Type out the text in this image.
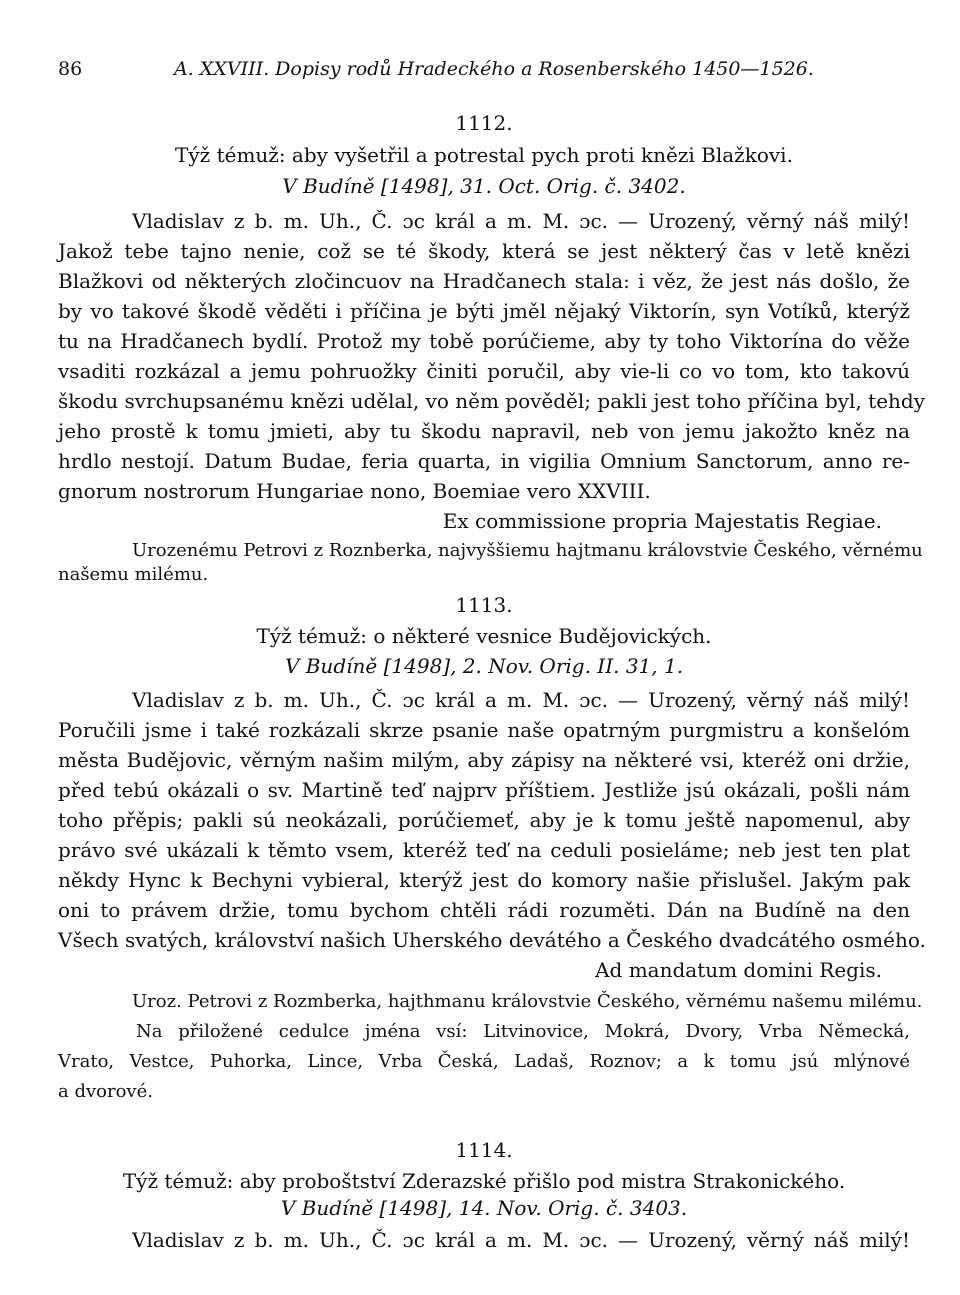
86	A. XXVIII. Dopisy rodů Hradeckého a Rosenberského 1450—1526.
1112.
Týž témuž: aby vyšetřil a potrestal pych proti knězi Blažkovi.
V Budíně [1498], 31. Oct. Orig. č. 3402.
Vladislav z b. m. Uh., Č. ɔc král a m. M. ɔc. — Urozený, věrný náš milý!
Jakož tebe tajno nenie, což se té škody, která se jest některý čas v letě knězi
Blažkovi od některých zločincuov na Hradčanech stala: i věz, že jest nás došlo, že
by vo takové škodě věděti i příčina je býti jměl nějaký Viktorín, syn Votíků, kterýž
tu na Hradčanech bydlí. Protož my tobě porúčieme, aby ty toho Viktorína do věže
vsaditi rozkázal a jemu pohruožky činiti poručil, aby vie-li co vo tom, kto takovú
škodu svrchupsanému knězi udělal, vo něm pověděl; pakli jest toho příčina byl, tehdy
jeho prostě k tomu jmieti, aby tu škodu napravil, neb von jemu jakožto kněz na
hrdlo nestojí. Datum Budae, feria quarta, in vigilia Omnium Sanctorum, anno re-
gnorum nostrorum Hungariae nono, Boemiae vero XXVIII.
Ex commissione propria Majestatis Regiae.
Urozenému Petrovi z Roznberka, najvyššiemu hajtmanu královstvie Českého, věrnému
našemu milému.
1113.
Týž témuž: o některé vesnice Budějovických.
V Budíně [1498], 2. Nov. Orig. II. 31, 1.
Vladislav z b. m. Uh., Č. ɔc král a m. M. ɔc. — Urozený, věrný náš milý!
Poručili jsme i také rozkázali skrze psanie naše opatrným purgmistru a konšelóm
města Budějovic, věrným našim milým, aby zápisy na některé vsi, kteréž oni držie,
před tebú okázali o sv. Martině teď najprv příštiem. Jestliže jsú okázali, pošli nám
toho přěpis; pakli sú neokázali, porúčiemeť, aby je k tomu ještě napomenul, aby
právo své ukázali k těmto vsem, kteréž teď na ceduli posieláme; neb jest ten plat
někdy Hync k Bechyni vybieral, kterýž jest do komory našie přislušel. Jakým pak
oni to právem držie, tomu bychom chtěli rádi rozuměti. Dán na Budíně na den
Všech svatých, království našich Uherského devátého a Českého dvadcátého osmého.
Ad mandatum domini Regis.
Uroz. Petrovi z Rozmberka, hajthmanu královstvie Českého, věrnému našemu milému.
Na přiložené cedulce jména vsí: Litvinovice, Mokrá, Dvory, Vrba Německá,
Vrato, Vestce, Puhorka, Lince, Vrba Česká, Ladaš, Roznov; a k tomu jsú mlýnové
a dvorové.
1114.
Týž témuž: aby proboštství Zderazské přišlo pod mistra Strakonického.
V Budíně [1498], 14. Nov. Orig. č. 3403.
Vladislav z b. m. Uh., Č. ɔc král a m. M. ɔc. — Urozený, věrný náš milý!
